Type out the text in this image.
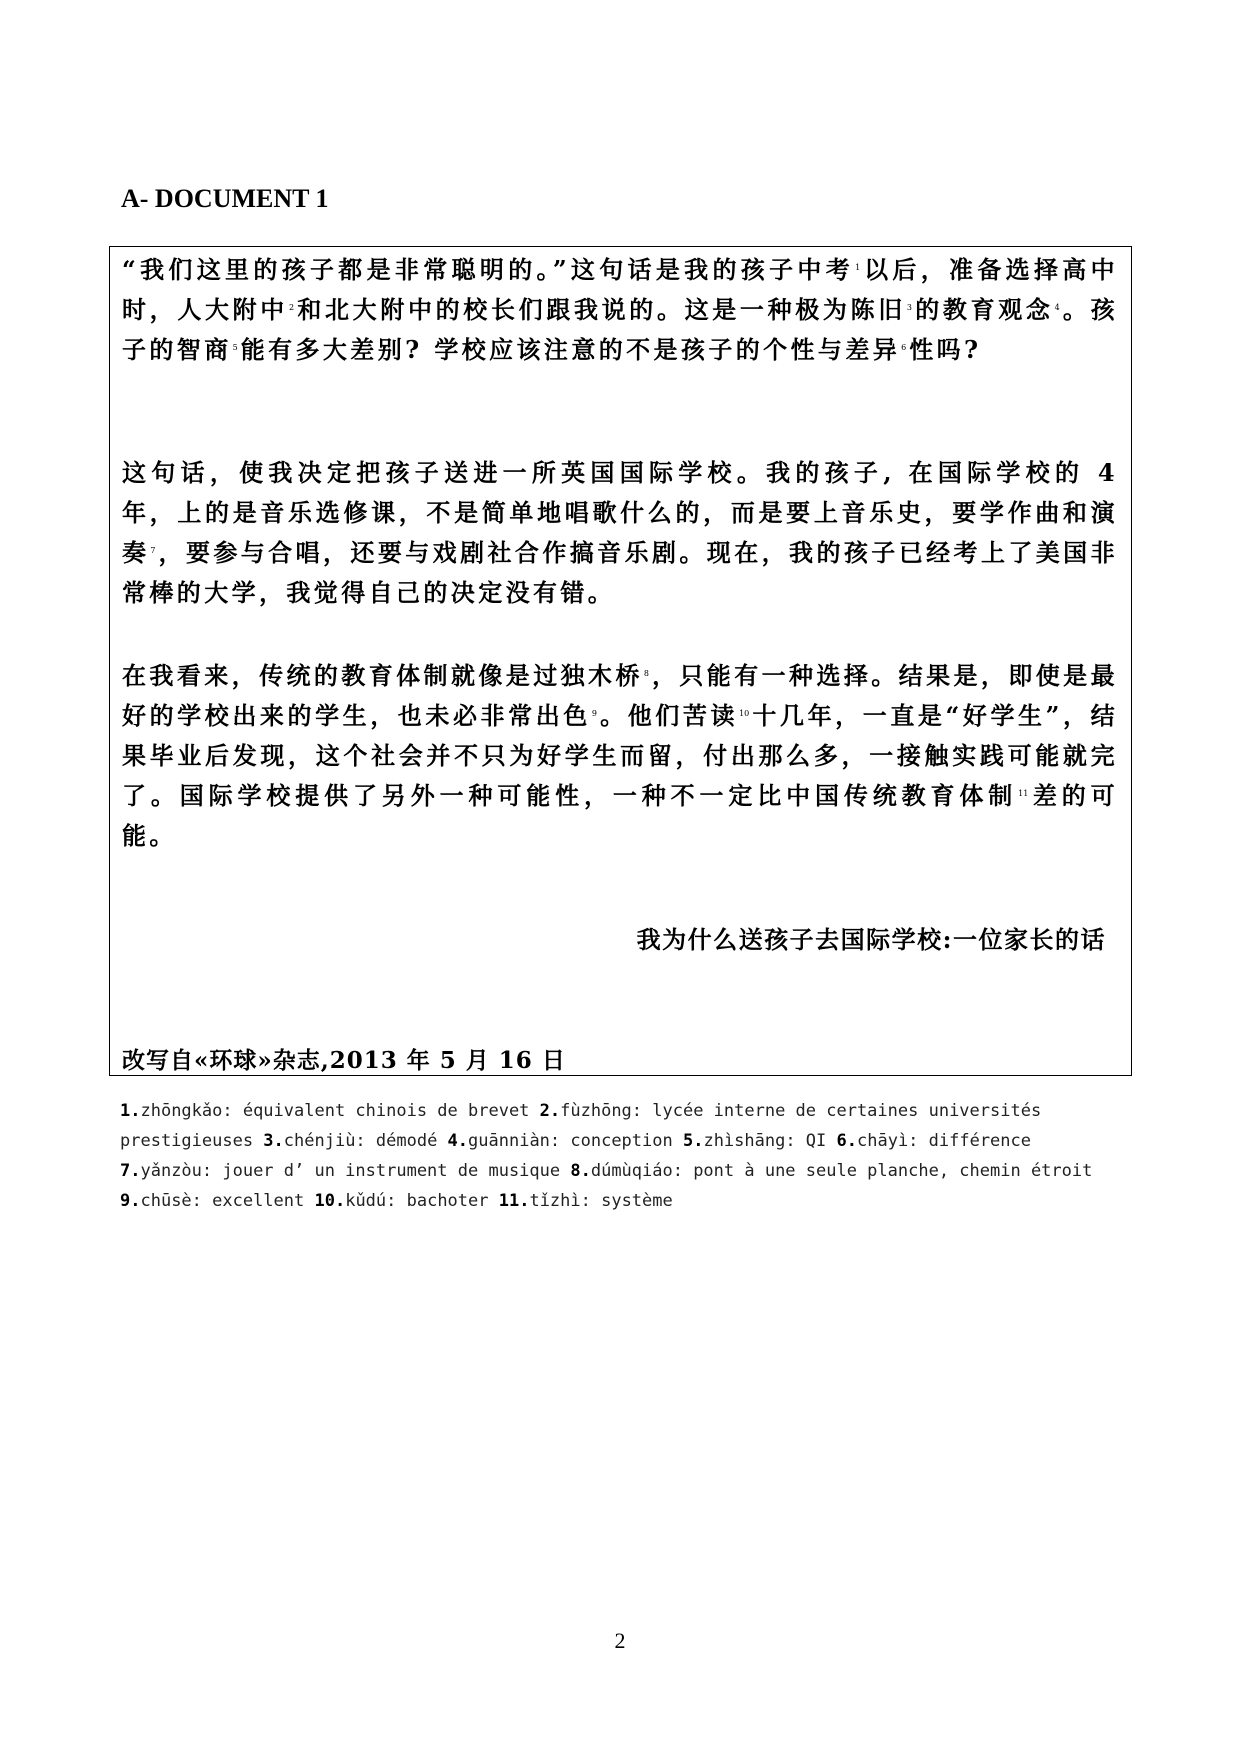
A- DOCUMENT 1
“我们这里的孩子都是非常聪明的。”这句话是我的孩子中考$^1$ 以后，准备选择高中时，人大附中$^2$ 和北大附中的校长们跟我说的。这是一种极为陈旧$^3$ 的教育观念$^4$ 。孩子的智商$^5$ 能有多大差别? 学校应该注意的不是孩子的个性与差异$^6$ 性吗?
这句话，使我决定把孩子送进一所英国国际学校。我的孩子, 在国际学校的 4 年，上的是音乐选修课，不是简单地唱歌什么的，而是要上音乐史，要学作曲和演奏$^7$ ，要参与合唱，还要与戏剧社合作搞音乐剧。现在，我的孩子已经考上了美国非常棒的大学，我觉得自己的决定没有错。
在我看来，传统的教育体制就像是过独木桥$^8$ ，只能有一种选择。结果是，即使是最好的学校出来的学生，也未必非常出色$^9$ 。他们苦读$^{10}$ 十几年，一直是“好学生”，结果毕业后发现，这个社会并不只为好学生而留，付出那么多，一接触实践可能就完了。国际学校提供了另外一种可能性，一种不一定比中国传统教育体制$^{11}$ 差的可能。
我为什么送孩子去国际学校:一位家长的话
改写自«环球»杂志,2013 年 5 月 16 日
1.zhōngkǎo: équivalent chinois de brevet 2.fùzhōng: lycée interne de certaines universités prestigieuses 3.chénjiù: démodé 4.guānniàn: conception 5.zhìshāng: QI 6.chāyì: différence 7.yǎnzòu: jouer d’ un instrument de musique 8.dúmùqiáo: pont à une seule planche, chemin étroit 9.chūsè: excellent 10.kǔdú: bachoter 11.tǐzhì: système
2
